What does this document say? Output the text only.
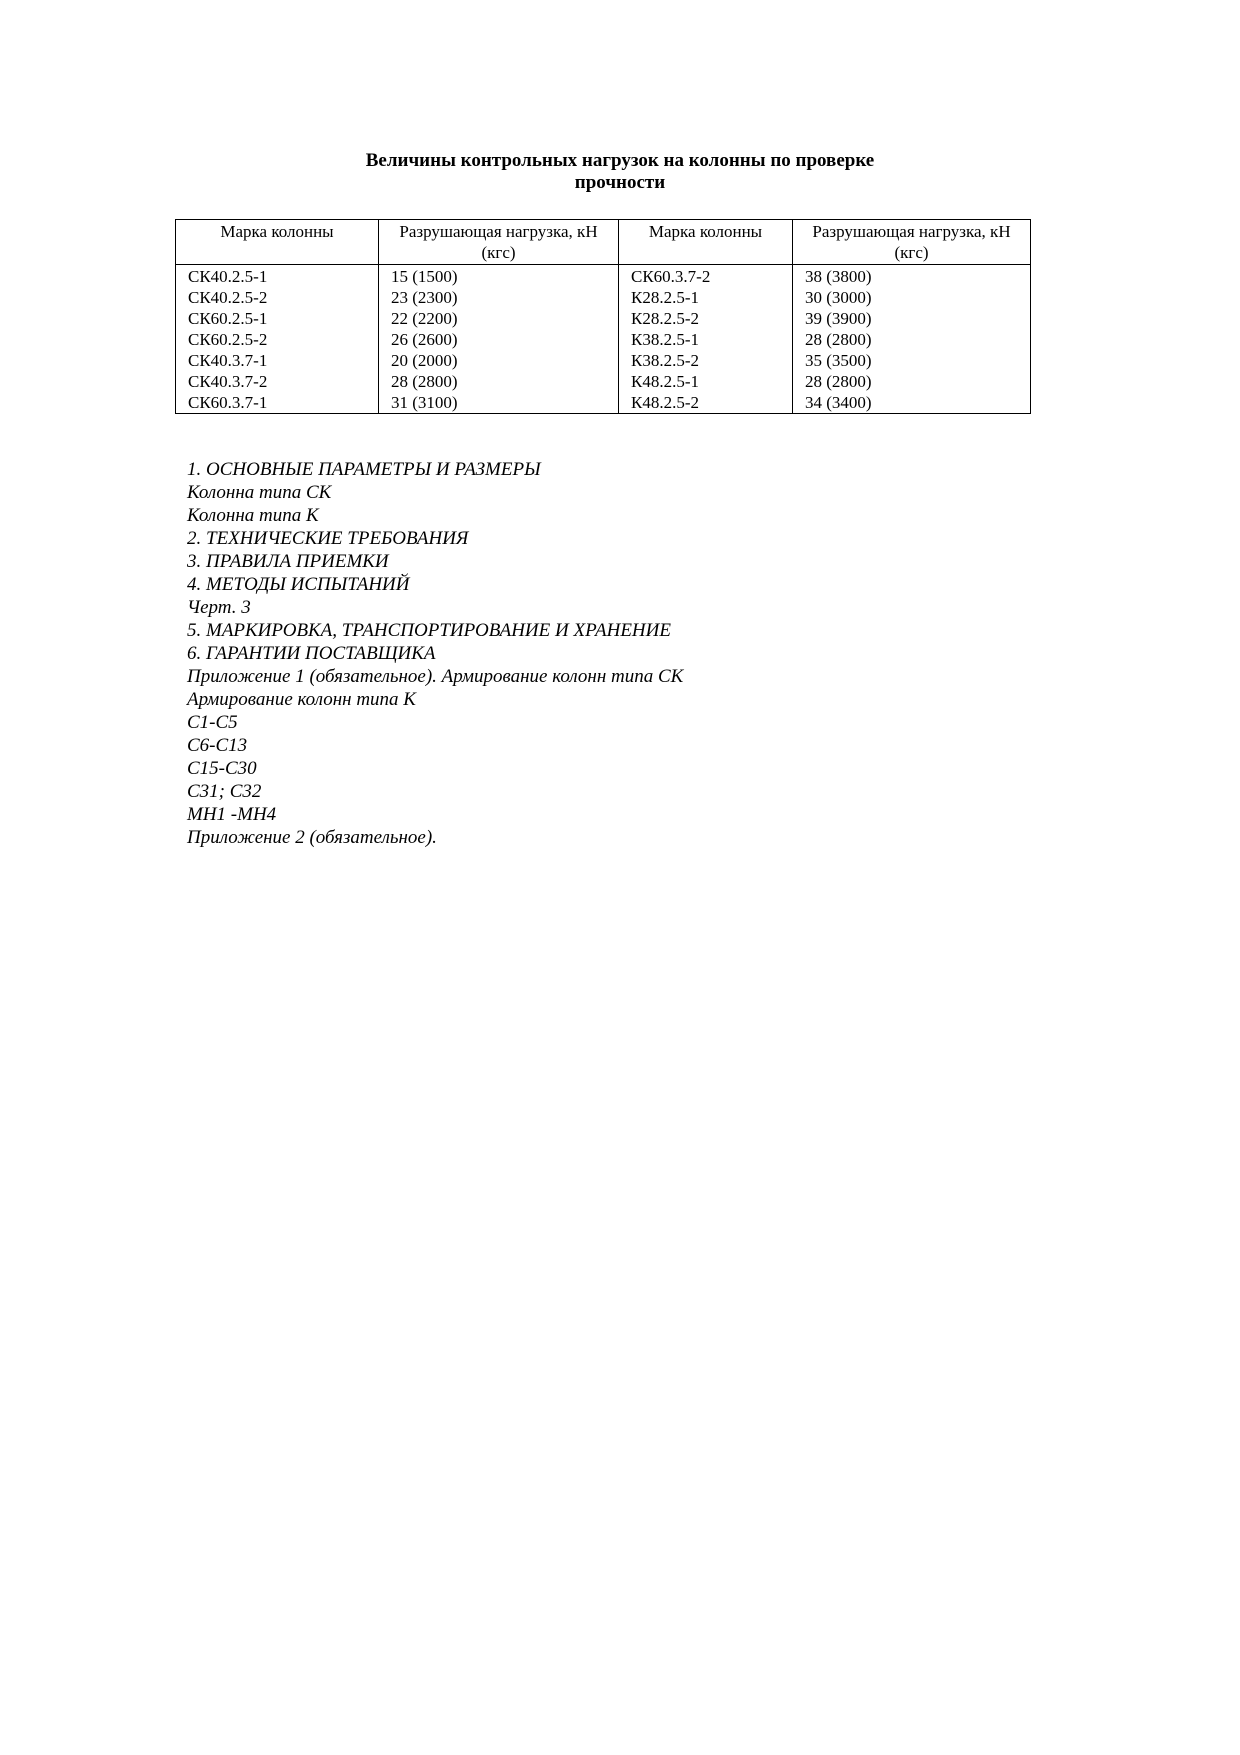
Величины контрольных нагрузок на колонны по проверке
прочности
Марка колонны	Разрушающая нагрузка, кН (кгс)	Марка колонны	Разрушающая нагрузка, кН (кгс)
СК40.2.5-1	15 (1500)	СК60.3.7-2	38 (3800)
СК40.2.5-2	23 (2300)	К28.2.5-1	30 (3000)
СК60.2.5-1	22 (2200)	К28.2.5-2	39 (3900)
СК60.2.5-2	26 (2600)	К38.2.5-1	28 (2800)
СК40.3.7-1	20 (2000)	К38.2.5-2	35 (3500)
СК40.3.7-2	28 (2800)	К48.2.5-1	28 (2800)
СК60.3.7-1	31 (3100)	К48.2.5-2	34 (3400)
1. ОСНОВНЫЕ ПАРАМЕТРЫ И РАЗМЕРЫ
Колонна типа СК
Колонна типа К
2. ТЕХНИЧЕСКИЕ ТРЕБОВАНИЯ
3. ПРАВИЛА ПРИЕМКИ
4. МЕТОДЫ ИСПЫТАНИЙ
Черт. 3
5. МАРКИРОВКА, ТРАНСПОРТИРОВАНИЕ И ХРАНЕНИЕ
6. ГАРАНТИИ ПОСТАВЩИКА
Приложение 1 (обязательное). Армирование колонн типа СК
Армирование колонн типа К
С1-С5
С6-С13
С15-С30
С31; С32
МН1 -МН4
Приложение 2 (обязательное).
